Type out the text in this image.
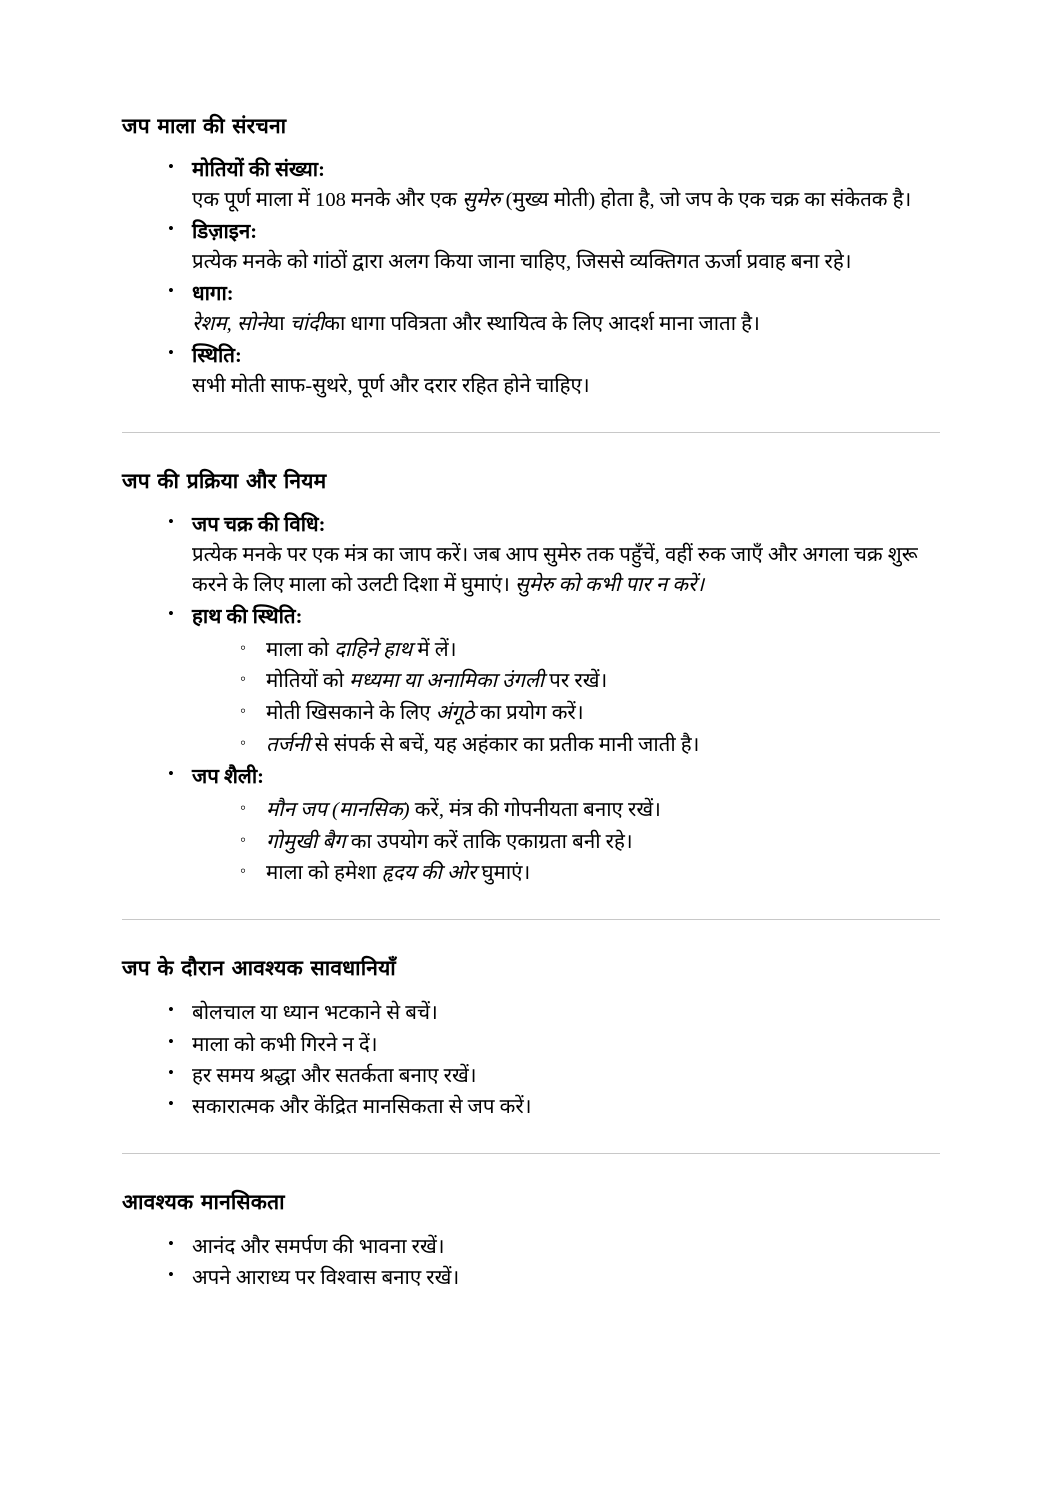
जप माला की संरचना
• मोतियों की संख्या:
एक पूर्ण माला में 108 मनके और एक सुमेरु (मुख्य मोती) होता है, जो जप के एक चक्र का संकेतक है।
• डिज़ाइन:
प्रत्येक मनके को गांठों द्वारा अलग किया जाना चाहिए, जिससे व्यक्तिगत ऊर्जा प्रवाह बना रहे।
• धागा:
रेशम, सोनेया चांदीका धागा पवित्रता और स्थायित्व के लिए आदर्श माना जाता है।
• स्थिति:
सभी मोती साफ-सुथरे, पूर्ण और दरार रहित होने चाहिए।
जप की प्रक्रिया और नियम
• जप चक्र की विधि:
प्रत्येक मनके पर एक मंत्र का जाप करें। जब आप सुमेरु तक पहुँचें, वहीं रुक जाएँ और अगला चक्र शुरू करने के लिए माला को उलटी दिशा में घुमाएं। सुमेरु को कभी पार न करें।
• हाथ की स्थिति:
◦ माला को दाहिने हाथ में लें।
◦ मोतियों को मध्यमा या अनामिका उंगली पर रखें।
◦ मोती खिसकाने के लिए अंगूठे का प्रयोग करें।
◦ तर्जनी से संपर्क से बचें, यह अहंकार का प्रतीक मानी जाती है।
• जप शैली:
◦ मौन जप (मानसिक) करें, मंत्र की गोपनीयता बनाए रखें।
◦ गोमुखी बैग का उपयोग करें ताकि एकाग्रता बनी रहे।
◦ माला को हमेशा हृदय की ओर घुमाएं।
जप के दौरान आवश्यक सावधानियाँ
• बोलचाल या ध्यान भटकाने से बचें।
• माला को कभी गिरने न दें।
• हर समय श्रद्धा और सतर्कता बनाए रखें।
• सकारात्मक और केंद्रित मानसिकता से जप करें।
आवश्यक मानसिकता
• आनंद और समर्पण की भावना रखें।
• अपने आराध्य पर विश्वास बनाए रखें।
